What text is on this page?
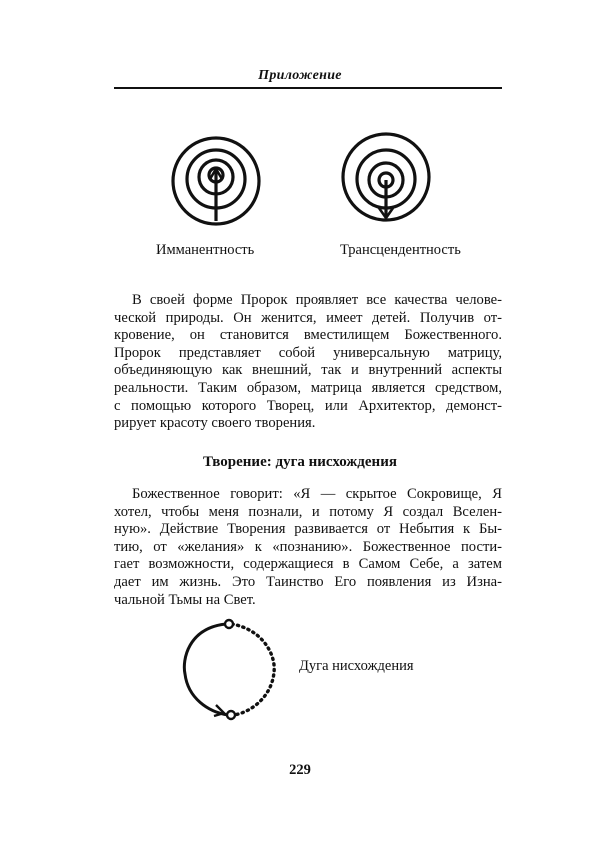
Приложение
Имманентность	Трансцендентность
В своей форме Пророк проявляет все качества челове-
ческой природы. Он женится, имеет детей. Получив от-
кровение, он становится вместилищем Божественного.
Пророк представляет собой универсальную матрицу,
объединяющую как внешний, так и внутренний аспекты
реальности. Таким образом, матрица является средством,
с помощью которого Творец, или Архитектор, демонст-
рирует красоту своего творения.
Творение: дуга нисхождения
Божественное говорит: «Я — скрытое Сокровище, Я
хотел, чтобы меня познали, и потому Я создал Вселен-
ную». Действие Творения развивается от Небытия к Бы-
тию, от «желания» к «познанию». Божественное пости-
гает возможности, содержащиеся в Самом Себе, а затем
дает им жизнь. Это Таинство Его появления из Изна-
чальной Тьмы на Свет.
Дуга нисхождения
229
